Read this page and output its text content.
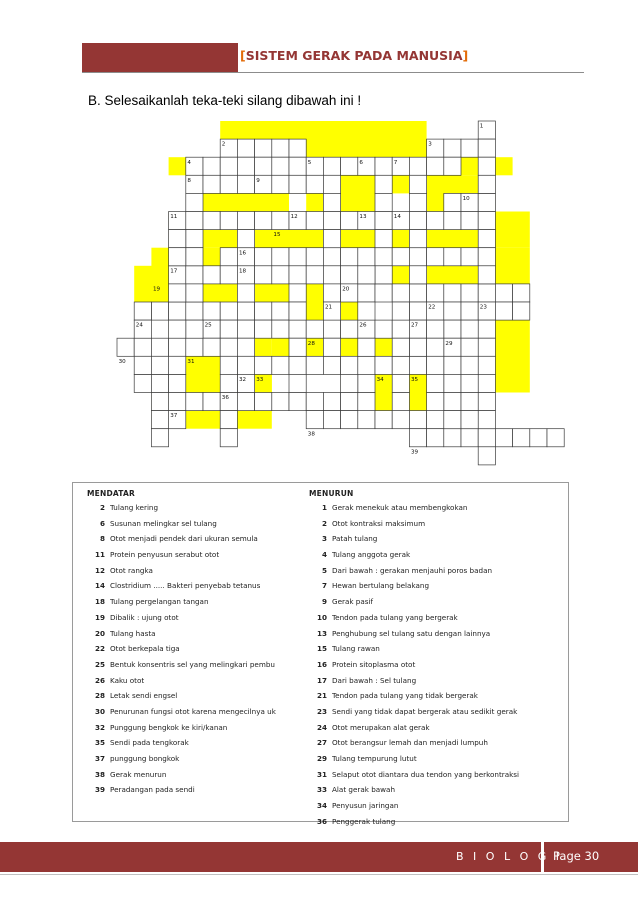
[SISTEM GERAK PADA MANUSIA]
B. Selesaikanlah teka-teki silang dibawah ini !
1
2	3
4	5	6	7
8	9
10
11	12	13	14
15
16
17	18
19	20
21	22	23
24	25	26	27
28	29
30	31
32 33	34	35
36
37
38
39
MENDATAR
2 Tulang kering
6 Susunan melingkar sel tulang
8 Otot menjadi pendek dari ukuran semula
11 Protein penyusun serabut otot
12 Otot rangka
14 Clostridium ..... Bakteri penyebab tetanus
18 Tulang pergelangan tangan
19 Dibalik : ujung otot
20 Tulang hasta
22 Otot berkepala tiga
25 Bentuk konsentris sel yang melingkari pembu
26 Kaku otot
28 Letak sendi engsel
30 Penurunan fungsi otot karena mengecilnya uk
32 Punggung bengkok ke kiri/kanan
35 Sendi pada tengkorak
37 punggung bongkok
38 Gerak menurun
39 Peradangan pada sendi
MENURUN
1 Gerak menekuk atau membengkokan
2 Otot kontraksi maksimum
3 Patah tulang
4 Tulang anggota gerak
5 Dari bawah : gerakan menjauhi poros badan
7 Hewan bertulang belakang
9 Gerak pasif
10 Tendon pada tulang yang bergerak
13 Penghubung sel tulang satu dengan lainnya
15 Tulang rawan
16 Protein sitoplasma otot
17 Dari bawah : Sel tulang
21 Tendon pada tulang yang tidak bergerak
23 Sendi yang tidak dapat bergerak atau sedikit gerak
24 Otot merupakan alat gerak
27 Otot berangsur lemah dan menjadi lumpuh
29 Tulang tempurung lutut
31 Selaput otot diantara dua tendon yang berkontraksi
33 Alat gerak bawah
34 Penyusun jaringan
36 Penggerak tulang
B I O L O G I
Page 30
